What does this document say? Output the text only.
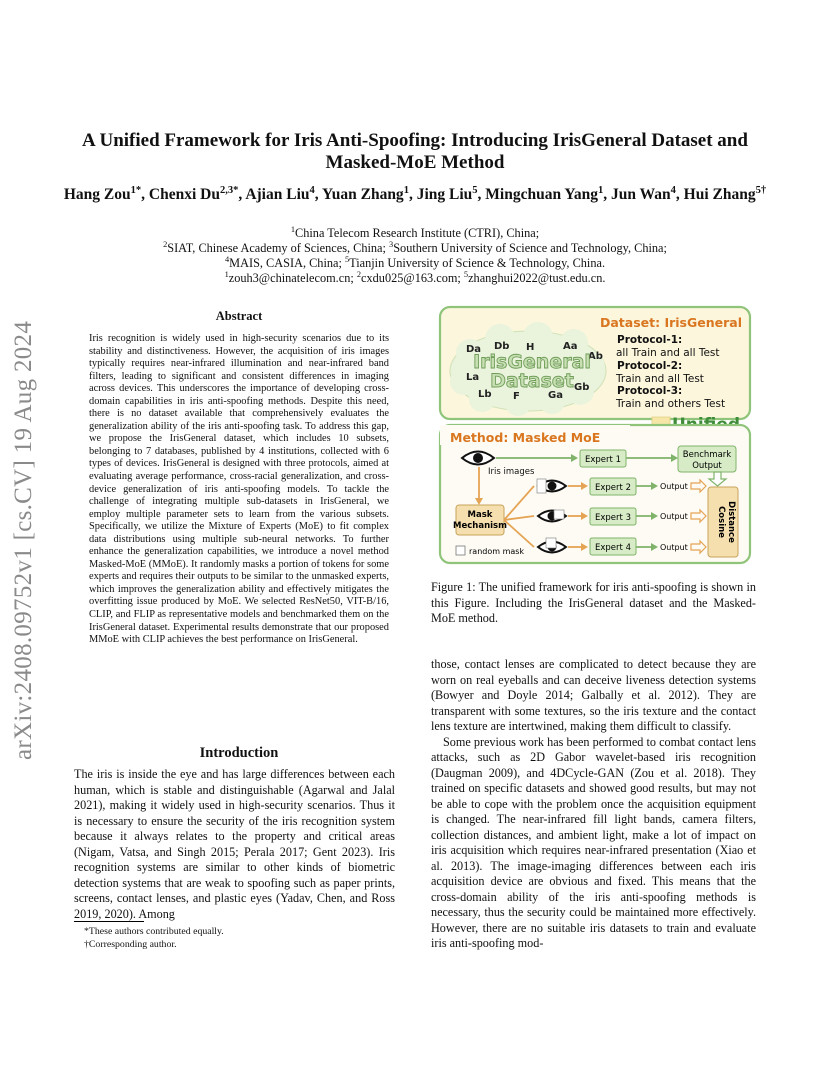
arXiv:2408.09752v1 [cs.CV] 19 Aug 2024
A Unified Framework for Iris Anti-Spoofing: Introducing IrisGeneral Dataset and Masked-MoE Method
Hang Zou$^{1*}$, Chenxi $Du^{2,3*}$, Ajian Liu$^4$, Yuan Zhang$^1$, Jing Liu$^5$, Mingchuan Yang$^1$, Jun Wan$^4$, Hui Zhang$^{5\dagger}$
$^1$China Telecom Research Institute (CTRI), China;
$^2$SIAT, Chinese Academy of Sciences, China; $^3$Southern University of Science and Technology, China;
$^4$MAIS, CASIA, China; $^5$Tianjin University of Science & Technology, China.
$^1$zouh3@chinatelecom.cn; $^2$cxdu025@163.com; $^5$zhanghui2022@tust.edu.cn.
Abstract
Iris recognition is widely used in high-security scenarios due to its stability and distinctiveness. However, the acquisition of iris images typically requires near-infrared illumination and near-infrared band filters, leading to significant and consistent differences in imaging across devices. This underscores the importance of developing cross-domain capabilities in iris anti-spoofing methods. Despite this need, there is no dataset available that comprehensively evaluates the generalization ability of the iris anti-spoofing task. To address this gap, we propose the IrisGeneral dataset, which includes 10 subsets, belonging to 7 databases, published by 4 institutions, collected with 6 types of devices. IrisGeneral is designed with three protocols, aimed at evaluating average performance, cross-racial generalization, and cross-device generalization of iris anti-spoofing models. To tackle the challenge of integrating multiple sub-datasets in IrisGeneral, we employ multiple parameter sets to learn from the various subsets. Specifically, we utilize the Mixture of Experts (MoE) to fit complex data distributions using multiple sub-neural networks. To further enhance the generalization capabilities, we introduce a novel method Masked-MoE (MMoE). It randomly masks a portion of tokens for some experts and requires their outputs to be similar to the unmasked experts, which improves the generalization ability and effectively mitigates the overfitting issue produced by MoE. We selected ResNet50, VIT-B/16, CLIP, and FLIP as representative models and benchmarked them on the IrisGeneral dataset. Experimental results demonstrate that our proposed MMoE with CLIP achieves the best performance on IrisGeneral.
Introduction
The iris is inside the eye and has large differences between each human, which is stable and distinguishable (Agarwal and Jalal 2021), making it widely used in high-security scenarios. Thus it is necessary to ensure the security of the iris recognition system because it always relates to the property and critical areas (Nigam, Vatsa, and Singh 2015; Perala 2017; Gent 2023). Iris recognition systems are similar to other kinds of biometric detection systems that are weak to spoofing such as paper prints, screens, contact lenses, and plastic eyes (Yadav, Chen, and Ross 2019, 2020). Among
*These authors contributed equally.
†Corresponding author.
Dataset: IrisGeneral
Da Db H	Aa
Ab
La
Lb F	Ga
Gb
IrisGeneral
Dataset
Protocol-1:
all Train and all Test
Protocol-2:
Train and all Test
Protocol-3:
Train and others Test
Method: Masked MoE
Iris images
Mask
Mechanism
random mask
Expert 1
Expert 2
Expert 3
Expert 4
Benchmark
Output
Output
Output
Output
Cosine Distance
Figure 1: The unified framework for iris anti-spoofing is shown in this Figure. Including the IrisGeneral dataset and the Masked-MoE method.

those, contact lenses are complicated to detect because they are worn on real eyeballs and can deceive liveness detection systems (Bowyer and Doyle 2014; Galbally et al. 2012). They are transparent with some textures, so the iris texture and the contact lens texture are intertwined, making them difficult to classify.

Some previous work has been performed to combat contact lens attacks, such as 2D Gabor wavelet-based iris recognition (Daugman 2009), and 4DCycle-GAN (Zou et al. 2018). They trained on specific datasets and showed good results, but may not be able to cope with the problem once the acquisition equipment is changed. The near-infrared fill light bands, camera filters, collection distances, and ambient light, make a lot of impact on iris acquisition which requires near-infrared presentation (Xiao et al. 2013). The image-imaging differences between each iris acquisition device are obvious and fixed. This means that the cross-domain ability of the iris anti-spoofing methods is necessary, thus the security could be maintained more effectively. However, there are no suitable iris datasets to train and evaluate iris anti-spoofing mod-
